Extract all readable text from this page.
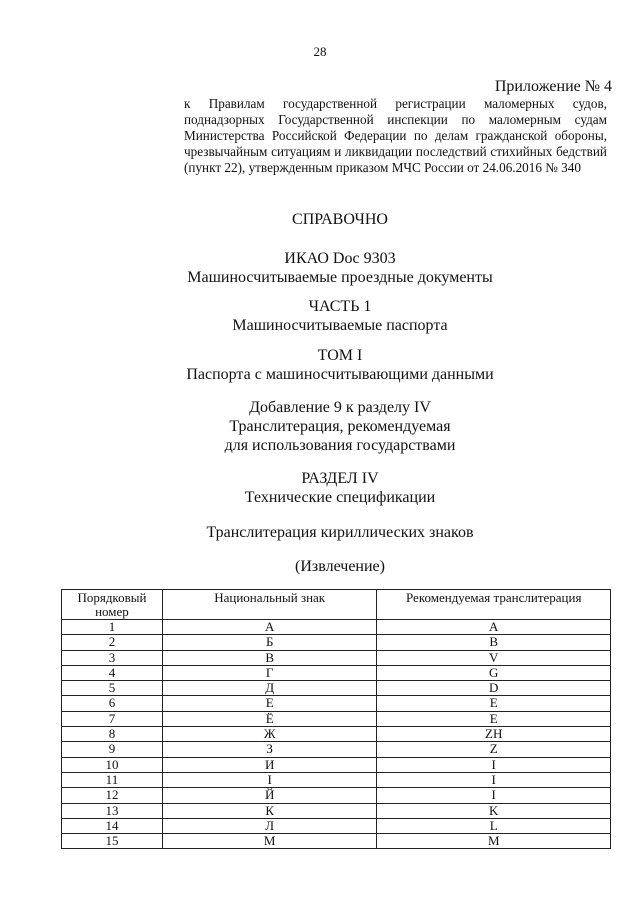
28
Приложение № 4
к Правилам государственной регистрации маломерных судов, поднадзорных Государственной инспекции по маломерным судам Министерства Российской Федерации по делам гражданской обороны, чрезвычайным ситуациям и ликвидации последствий стихийных бедствий (пункт 22), утвержденным приказом МЧС России от 24.06.2016 № 340
СПРАВОЧНО
ИКАО Doc 9303
Машиносчитываемые проездные документы
ЧАСТЬ 1
Машиносчитываемые паспорта
ТОМ I
Паспорта с машиносчитывающими данными
Добавление 9 к разделу IV
Транслитерация, рекомендуемая
для использования государствами
РАЗДЕЛ IV
Технические спецификации
Транслитерация кириллических знаков
(Извлечение)
Порядковый номер	Национальный знак	Рекомендуемая транслитерация
1	А	A
2	Б	B
3	В	V
4	Г	G
5	Д	D
6	Е	E
7	Ё	E
8	Ж	ZH
9	З	Z
10	И	I
11	І	I
12	Й	I
13	К	K
14	Л	L
15	М	M
